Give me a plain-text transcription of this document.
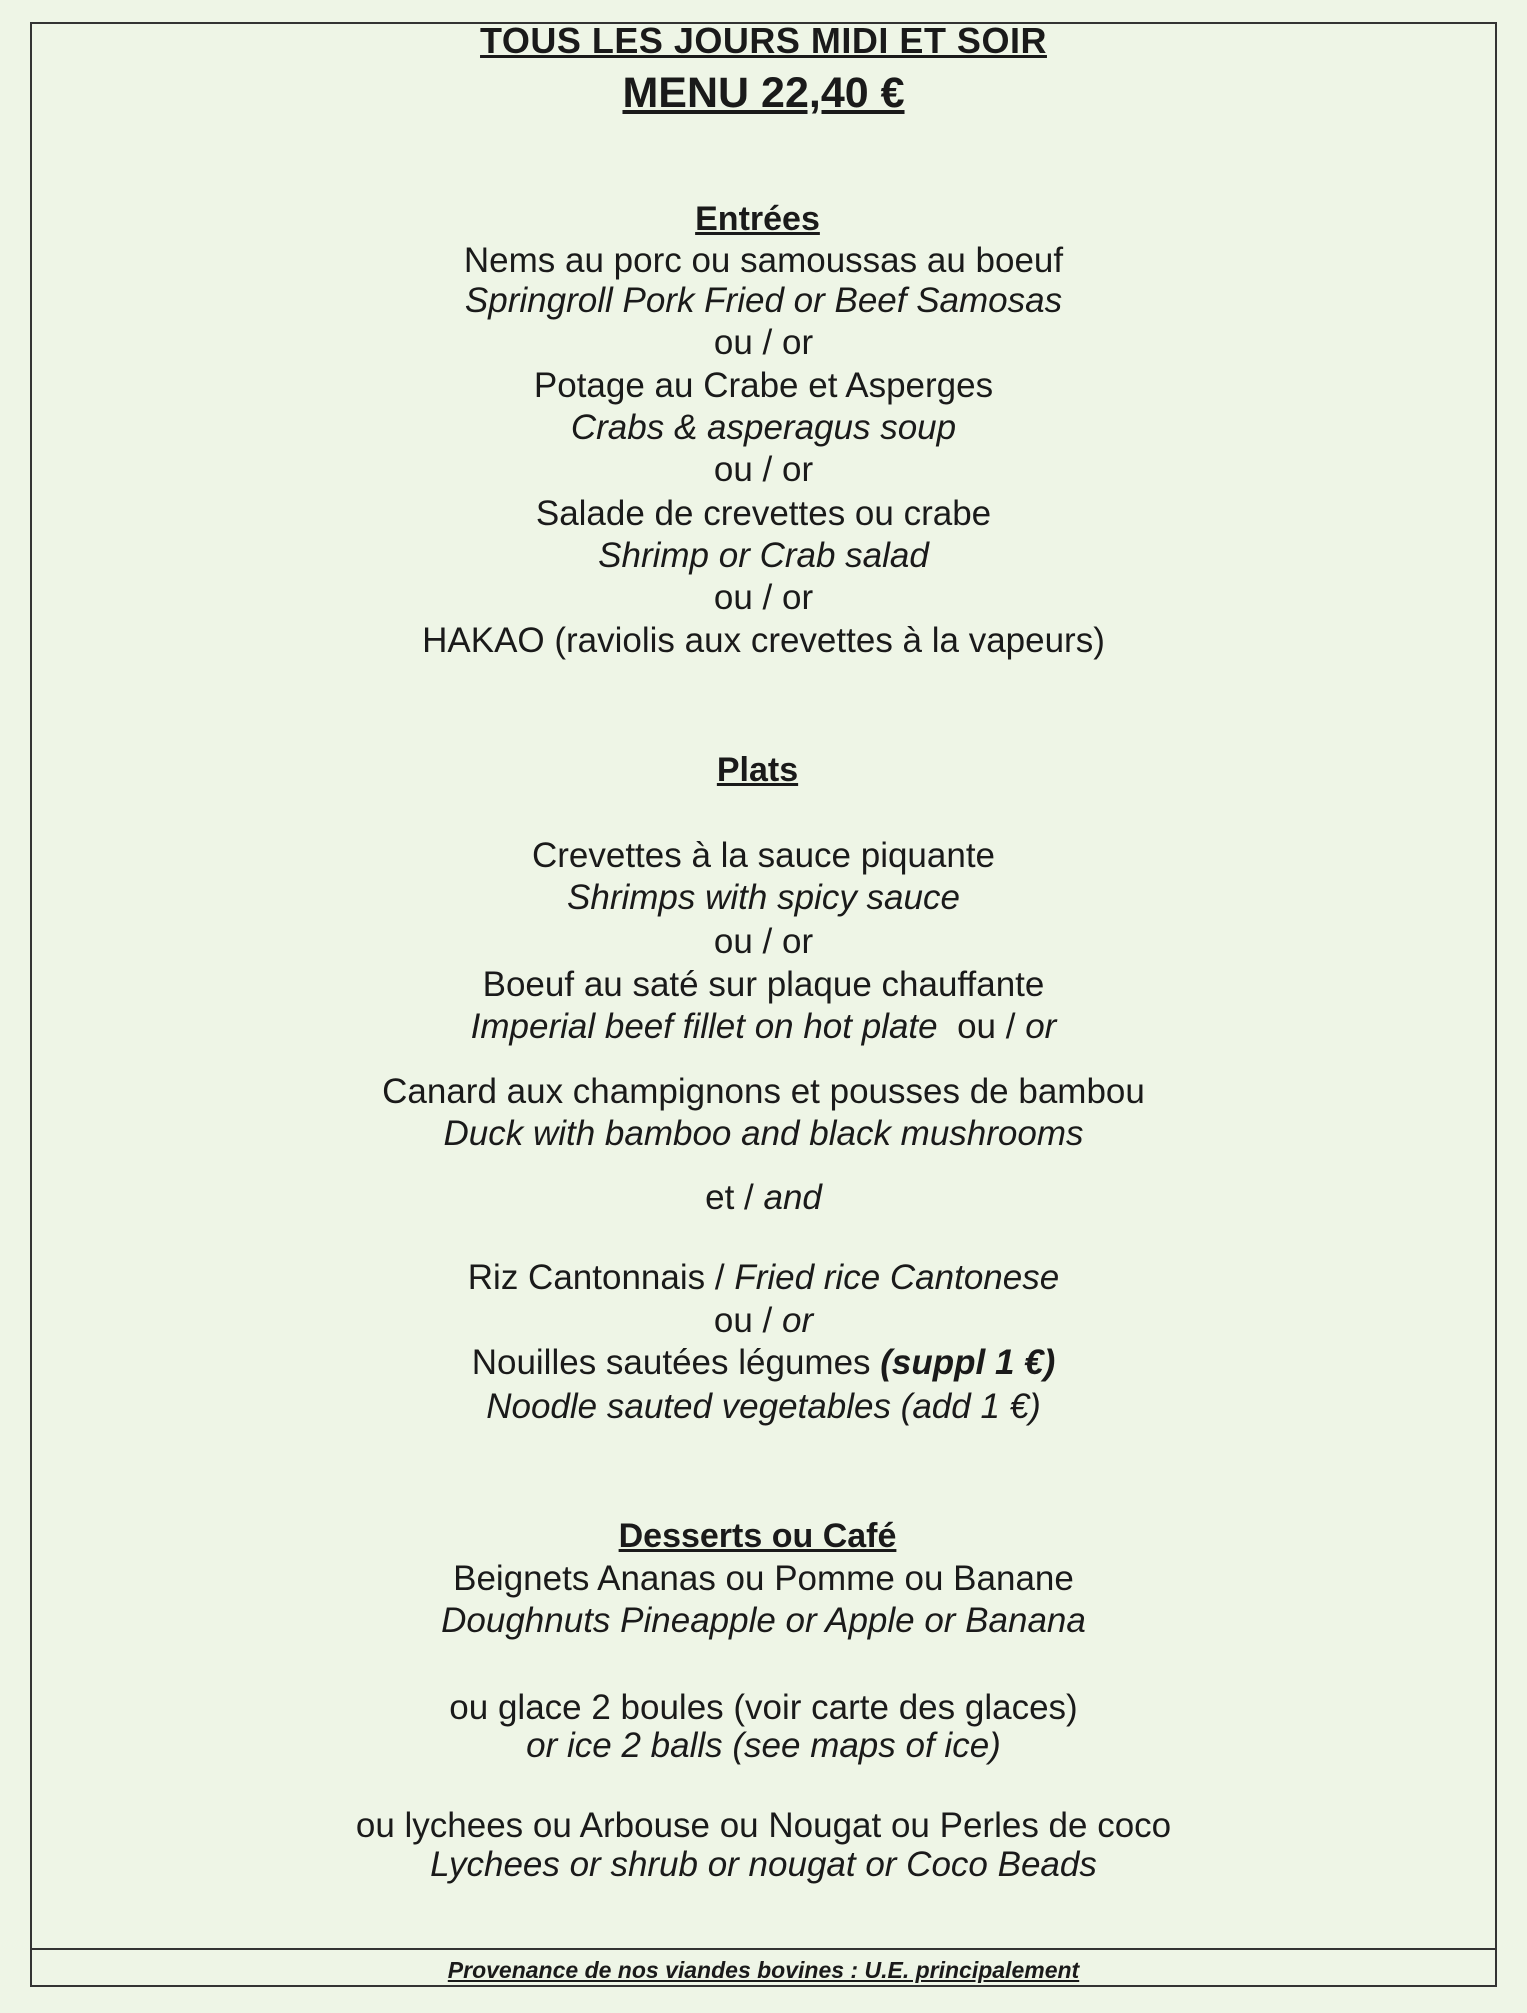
TOUS LES JOURS MIDI ET SOIR
MENU 22,40 €
Entrées
Nems au porc ou samoussas au boeuf
Springroll Pork Fried or Beef Samosas
ou / or
Potage au Crabe et Asperges
Crabs & asperagus soup
ou / or
Salade de crevettes ou crabe
Shrimp or Crab salad
ou / or
HAKAO (raviolis aux crevettes à la vapeurs)
Plats
Crevettes à la sauce piquante
Shrimps with spicy sauce
ou / or
Boeuf au saté sur plaque chauffante
Imperial beef fillet on hot plate ou / or
Canard aux champignons et pousses de bambou
Duck with bamboo and black mushrooms
et / and
Riz Cantonnais / Fried rice Cantonese
ou / or
Nouilles sautées légumes (suppl 1 €)
Noodle sauted vegetables (add 1 €)
Desserts ou Café
Beignets Ananas ou Pomme ou Banane
Doughnuts Pineapple or Apple or Banana
ou glace 2 boules (voir carte des glaces)
or ice 2 balls (see maps of ice)
ou lychees ou Arbouse ou Nougat ou Perles de coco
Lychees or shrub or nougat or Coco Beads
Provenance de nos viandes bovines : U.E. principalement
